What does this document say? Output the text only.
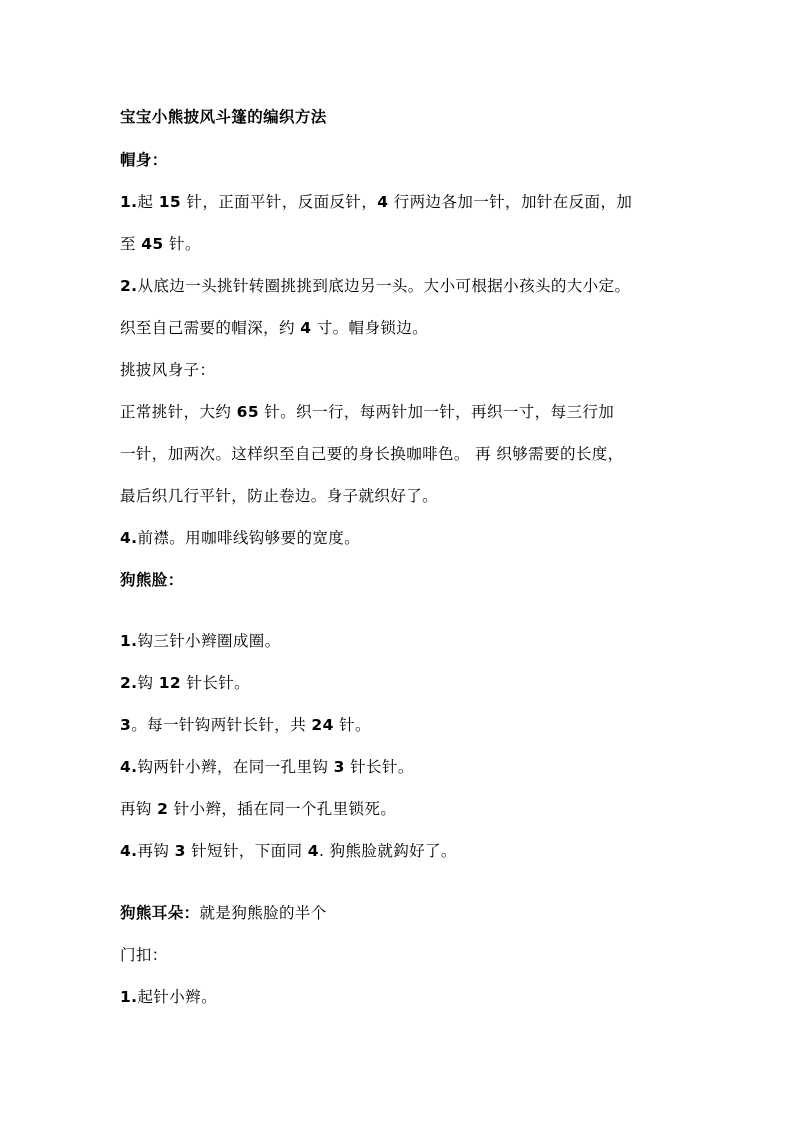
宝宝小熊披风斗篷的编织方法
帽身：
1.起 15 针，正面平针，反面反针，4 行两边各加一针，加针在反面，加
至 45 针。
2.从底边一头挑针转圈挑挑到底边另一头。大小可根据小孩头的大小定。
织至自己需要的帽深，约 4 寸。帽身锁边。
挑披风身子：
正常挑针，大约 65 针。织一行，每两针加一针，再织一寸，每三行加
一针，加两次。这样织至自己要的身长换咖啡色。 再 织够需要的长度，
最后织几行平针，防止卷边。身子就织好了。
4.前襟。用咖啡线钩够要的宽度。
狗熊脸：
1.钩三针小辫圈成圈。
2.钩 12 针长针。
3。每一针钩两针长针，共 24 针。
4.钩两针小辫，在同一孔里钩 3 针长针。
再钩 2 针小辫，插在同一个孔里锁死。
4.再钩 3 针短针，下面同 4. 狗熊脸就鈎好了。
狗熊耳朵：就是狗熊脸的半个
门扣：
1.起针小辫。
